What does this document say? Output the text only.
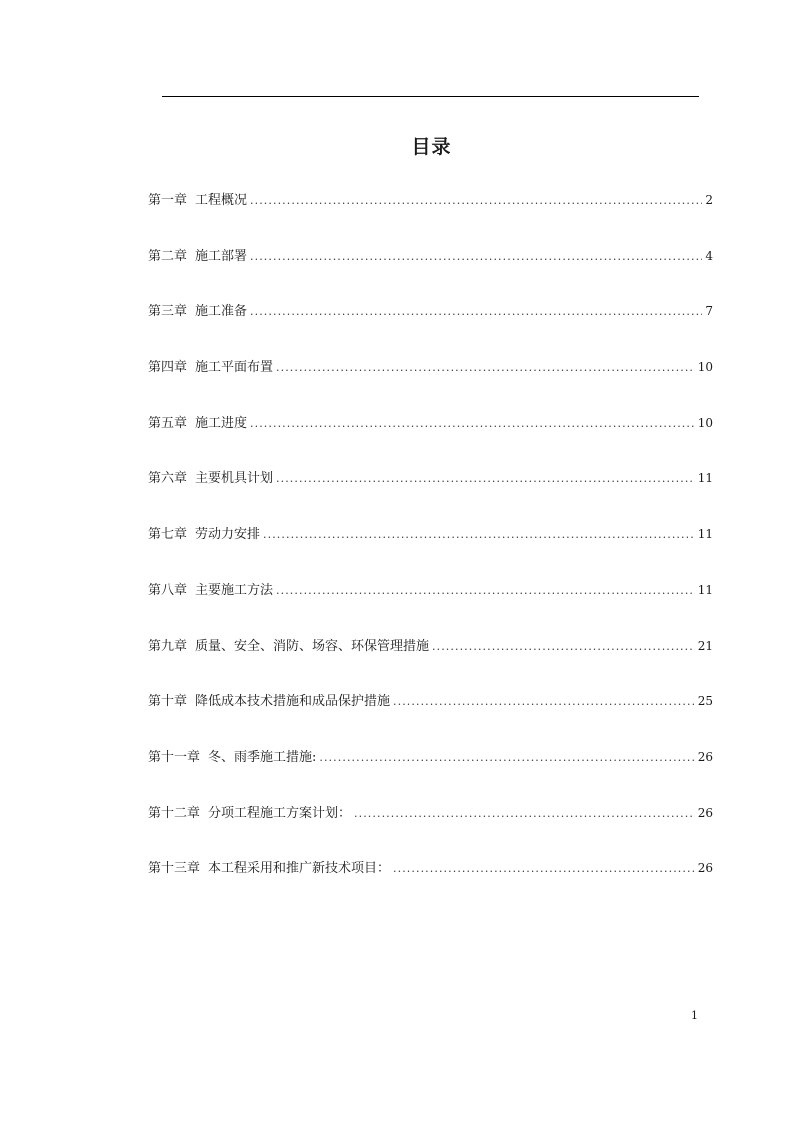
目录
第一章 工程概况 . . .	2
第二章 施工部署 . . .	4
第三章 施工准备 . . .	7
第四章 施工平面布置 . . .	10
第五章 施工进度 . . .	10
第六章 主要机具计划 . . .	11
第七章 劳动力安排 . . .	11
第八章 主要施工方法 . . .	11
第九章 质量、安全、消防、场容、环保管理措施 . . .	21
第十章 降低成本技术措施和成品保护措施 . . .	25
第十一章 冬、雨季施工措施: . . .	26
第十二章 分项工程施工方案计划： . . .	26
第十三章 本工程采用和推广新技术项目： . . .	26
1
